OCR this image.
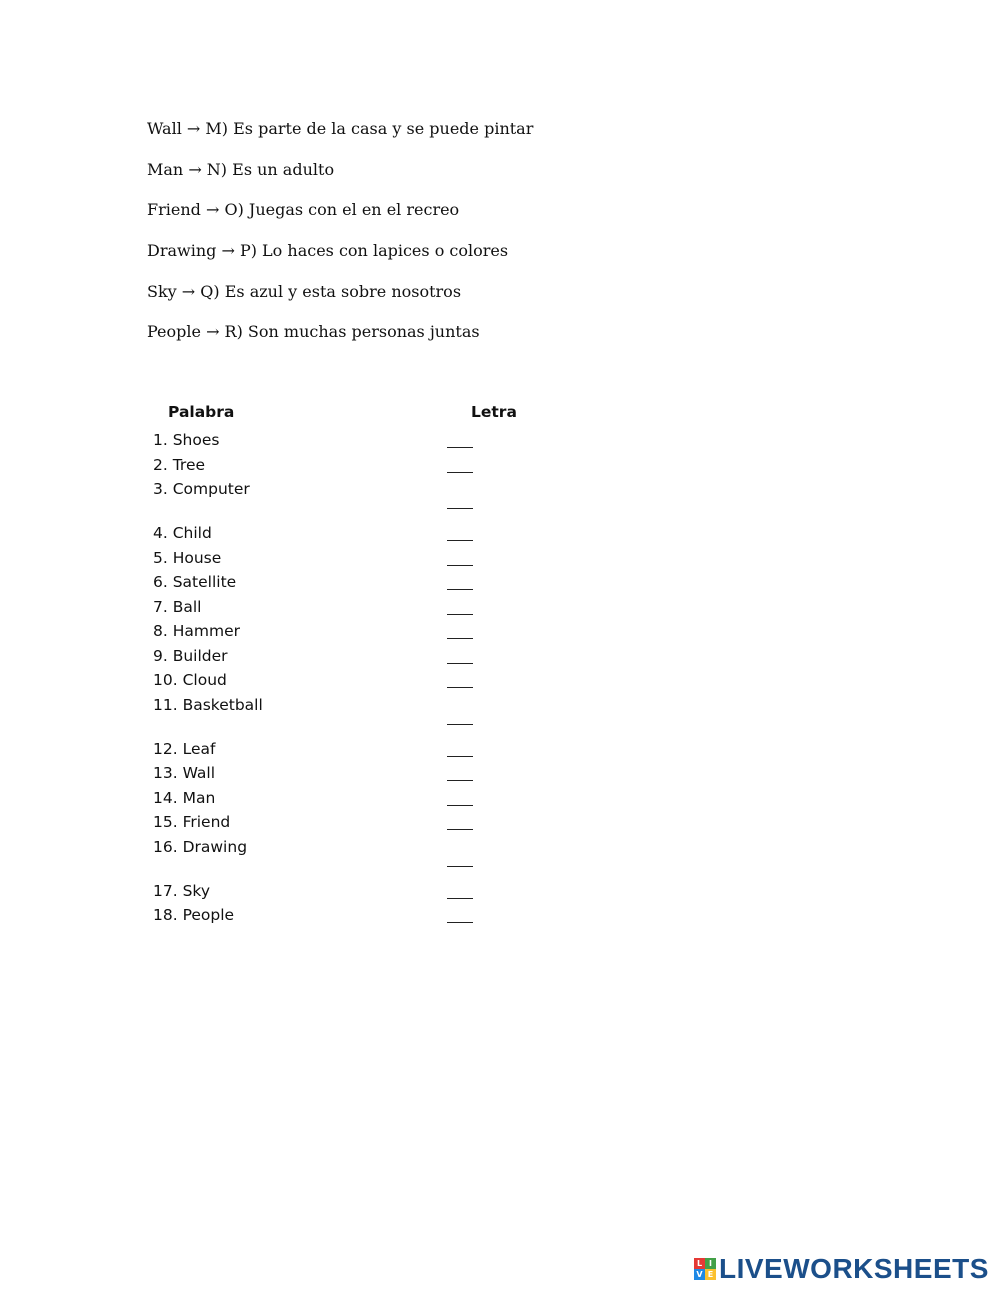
Wall → M) Es parte de la casa y se puede pintar
Man → N) Es un adulto
Friend → O) Juegas con el en el recreo
Drawing → P) Lo haces con lapices o colores
Sky → Q) Es azul y esta sobre nosotros
People → R) Son muchas personas juntas
Palabra	Letra
1. Shoes
2. Tree
3. Computer
4. Child
5. House
6. Satellite
7. Ball
8. Hammer
9. Builder
10. Cloud
11. Basketball
12. Leaf
13. Wall
14. Man
15. Friend
16. Drawing
17. Sky
18. People
L I
V E LIVEWORKSHEETS
